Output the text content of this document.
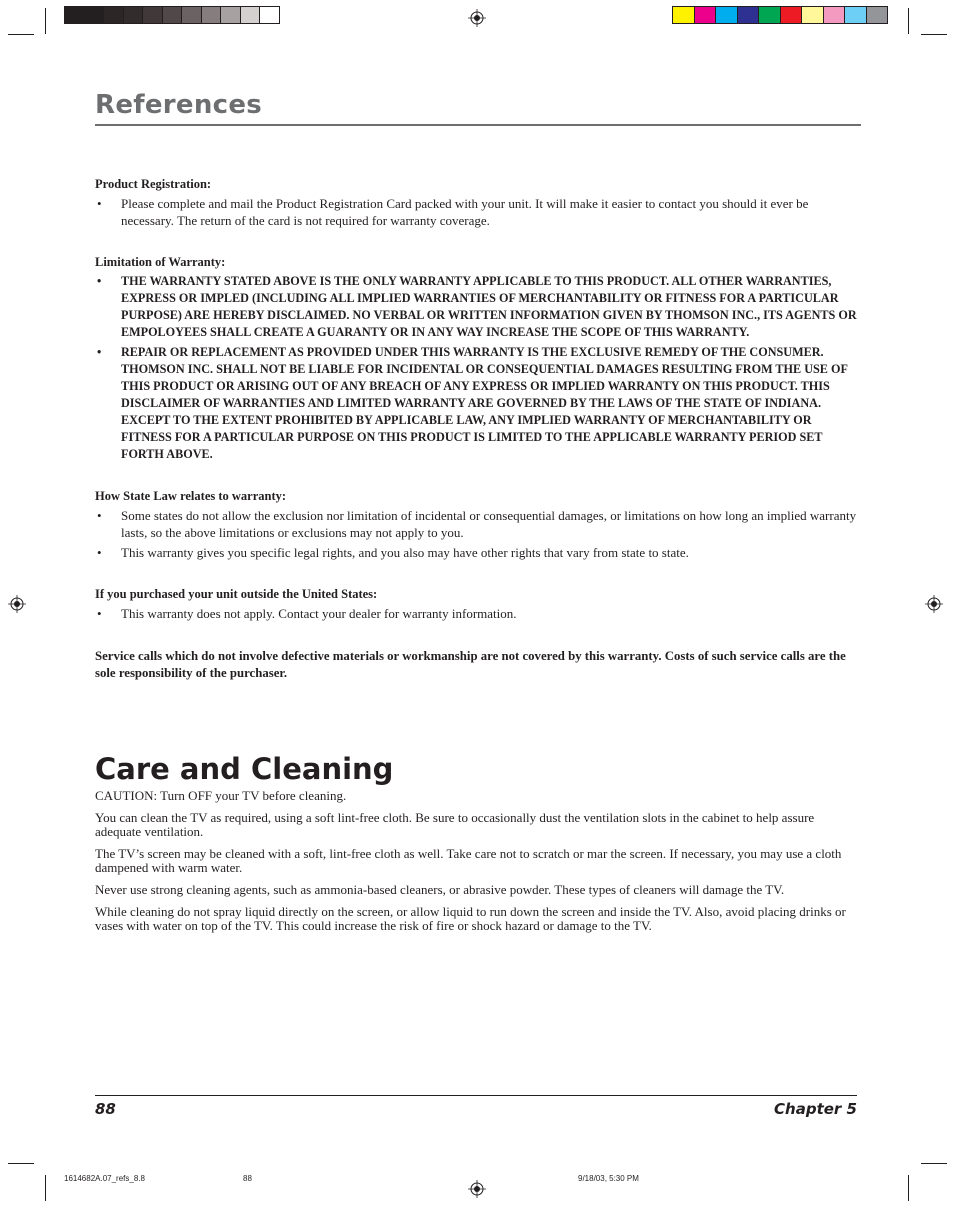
References
Product Registration:
• Please complete and mail the Product Registration Card packed with your unit. It will make it easier to contact you should it ever be necessary. The return of the card is not required for warranty coverage.
Limitation of Warranty:
• THE WARRANTY STATED ABOVE IS THE ONLY WARRANTY APPLICABLE TO THIS PRODUCT. ALL OTHER WARRANTIES, EXPRESS OR IMPLED (INCLUDING ALL IMPLIED WARRANTIES OF MERCHANTABILITY OR FITNESS FOR A PARTICULAR PURPOSE) ARE HEREBY DISCLAIMED. NO VERBAL OR WRITTEN INFORMATION GIVEN BY THOMSON INC., ITS AGENTS OR EMPOLOYEES SHALL CREATE A GUARANTY OR IN ANY WAY INCREASE THE SCOPE OF THIS WARRANTY.
• REPAIR OR REPLACEMENT AS PROVIDED UNDER THIS WARRANTY IS THE EXCLUSIVE REMEDY OF THE CONSUMER. THOMSON INC. SHALL NOT BE LIABLE FOR INCIDENTAL OR CONSEQUENTIAL DAMAGES RESULTING FROM THE USE OF THIS PRODUCT OR ARISING OUT OF ANY BREACH OF ANY EXPRESS OR IMPLIED WARRANTY ON THIS PRODUCT. THIS DISCLAIMER OF WARRANTIES AND LIMITED WARRANTY ARE GOVERNED BY THE LAWS OF THE STATE OF INDIANA. EXCEPT TO THE EXTENT PROHIBITED BY APPLICABLE LAW, ANY IMPLIED WARRANTY OF MERCHANTABILITY OR FITNESS FOR A PARTICULAR PURPOSE ON THIS PRODUCT IS LIMITED TO THE APPLICABLE WARRANTY PERIOD SET FORTH ABOVE.
How State Law relates to warranty:
• Some states do not allow the exclusion nor limitation of incidental or consequential damages, or limitations on how long an implied warranty lasts, so the above limitations or exclusions may not apply to you.
• This warranty gives you specific legal rights, and you also may have other rights that vary from state to state.
If you purchased your unit outside the United States:
• This warranty does not apply. Contact your dealer for warranty information.
Service calls which do not involve defective materials or workmanship are not covered by this warranty. Costs of such service calls are the sole responsibility of the purchaser.
Care and Cleaning

CAUTION: Turn OFF your TV before cleaning.

You can clean the TV as required, using a soft lint-free cloth. Be sure to occasionally dust the ventilation slots in the cabinet to help assure adequate ventilation.

The TV’s screen may be cleaned with a soft, lint-free cloth as well. Take care not to scratch or mar the screen. If necessary, you may use a cloth dampened with warm water.

Never use strong cleaning agents, such as ammonia-based cleaners, or abrasive powder. These types of cleaners will damage the TV.

While cleaning do not spray liquid directly on the screen, or allow liquid to run down the screen and inside the TV. Also, avoid placing drinks or vases with water on top of the TV. This could increase the risk of fire or shock hazard or damage to the TV.

88	Chapter 5
1614682A.07_refs_8.8	88	9/18/03, 5:30 PM
